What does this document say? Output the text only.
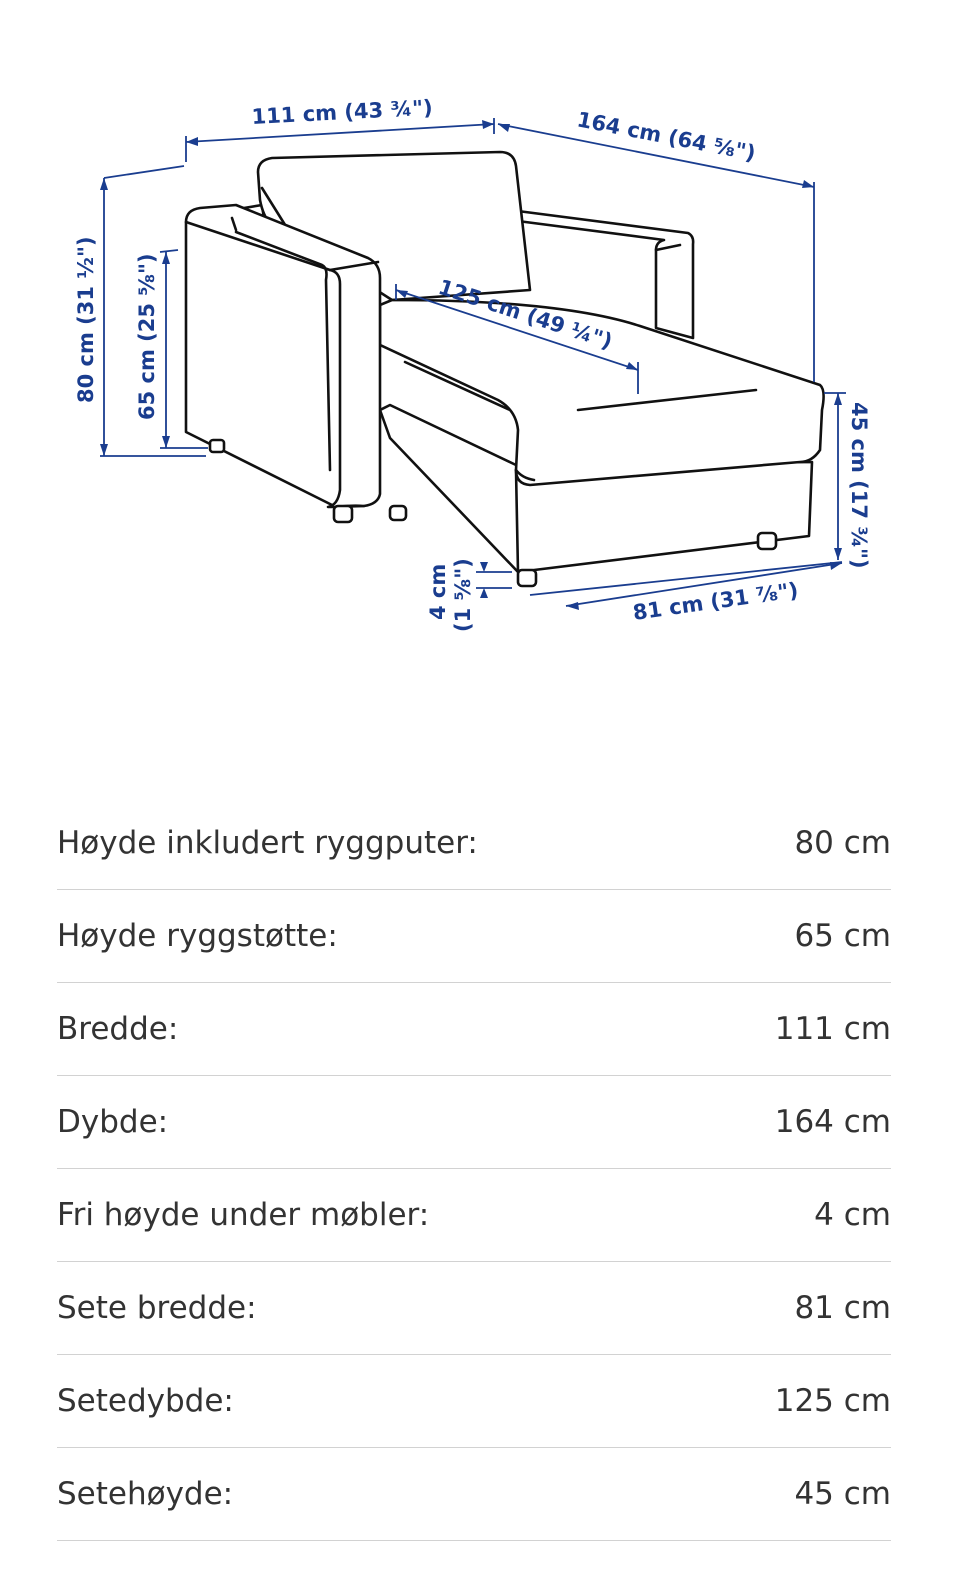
111 cm (43 ¾")	164 cm (64 ⅝")
80 cm (31 ½") 65 cm (25 ⅝")	125 cm (49 ¼")
45 cm (17 ¾")
81 cm (31 ⅞")
4 cm (1 ⅝")
Høyde inkludert ryggputer:	80 cm
Høyde ryggstøtte:	65 cm
Bredde:	111 cm
Dybde:	164 cm
Fri høyde under møbler:	4 cm
Sete bredde:	81 cm
Setedybde:	125 cm
Setehøyde:	45 cm
